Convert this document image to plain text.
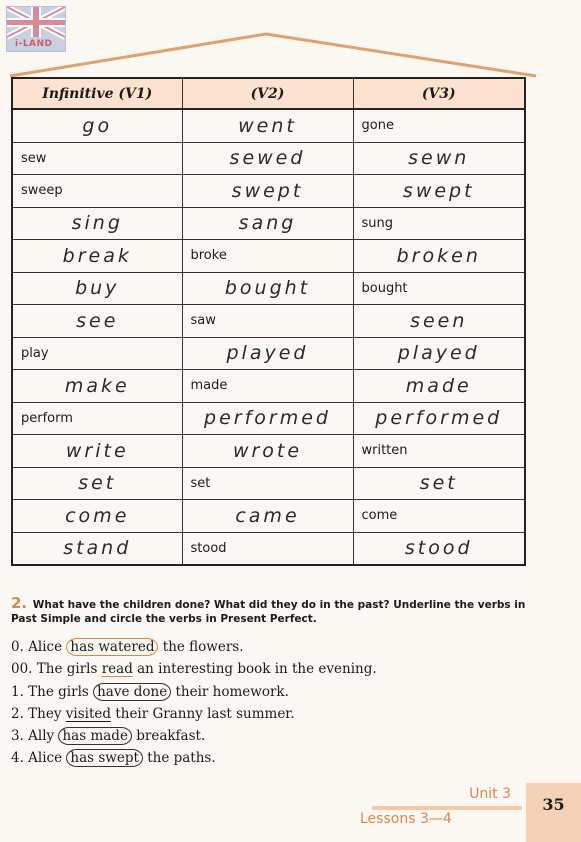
i-LAND
Infinitive (V1)	(V2)	(V3)
go	went	gone
sew	sewed	sewn
sweep	swept	swept
sing	sang	sung
break	broke	broken
buy	bought	bought
see	saw	seen
play	played	played
make	made	made
perform	performed	performed
write	wrote	written
set	set	set
come	came	come
stand	stood	stood
2. What have the children done? What did they do in the past? Underline the verbs in Past Simple and circle the verbs in Present Perfect.
0. Alice has watered the flowers.
00. The girls read an interesting book in the evening.
1. The girls have done their homework.
2. They visited their Granny last summer.
3. Ally has made breakfast.
4. Alice has swept the paths.
Unit 3
Lessons 3—4
35
